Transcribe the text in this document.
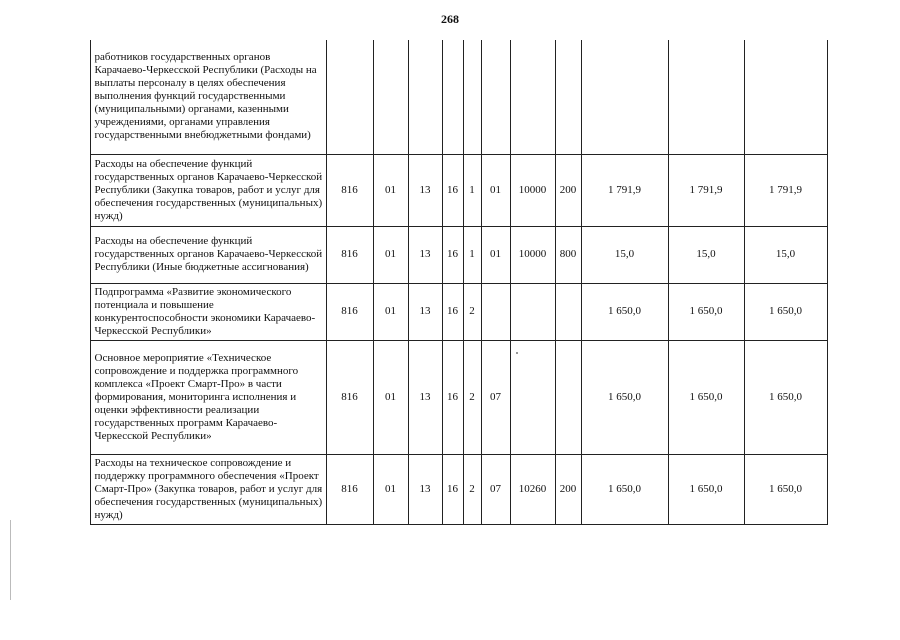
268
	работников государственных органов Карачаево-Черкесской Республики (Расходы на выплаты персоналу в целях обеспечения выполнения функций государственными (муниципальными) органами, казенными учреждениями, органами управления государственными внебюджетными фондами)											
	Расходы на обеспечение функций государственных органов Карачаево-Черкесской Республики (Закупка товаров, работ и услуг для обеспечения государственных (муниципальных) нужд)	816	01	13	16	1	01	10000	200	1 791,9	1 791,9	1 791,9
	Расходы на обеспечение функций государственных органов Карачаево-Черкесской Республики (Иные бюджетные ассигнования)	816	01	13	16	1	01	10000	800	15,0	15,0	15,0
	Подпрограмма «Развитие экономического потенциала и повышение конкурентоспособности экономики Карачаево-Черкесской Республики»	816	01	13	16	2				1 650,0	1 650,0	1 650,0
	Основное мероприятие «Техническое сопровождение и поддержка программного комплекса «Проект Смарт-Про» в части формирования, мониторинга исполнения и оценки эффективности реализации государственных программ Карачаево-Черкесской Республики»	816	01	13	16	2	07			1 650,0	1 650,0	1 650,0
	Расходы на техническое сопровождение и поддержку программного обеспечения «Проект Смарт-Про» (Закупка товаров, работ и услуг для обеспечения государственных (муниципальных) нужд)	816	01	13	16	2	07	10260	200	1 650,0	1 650,0	1 650,0
